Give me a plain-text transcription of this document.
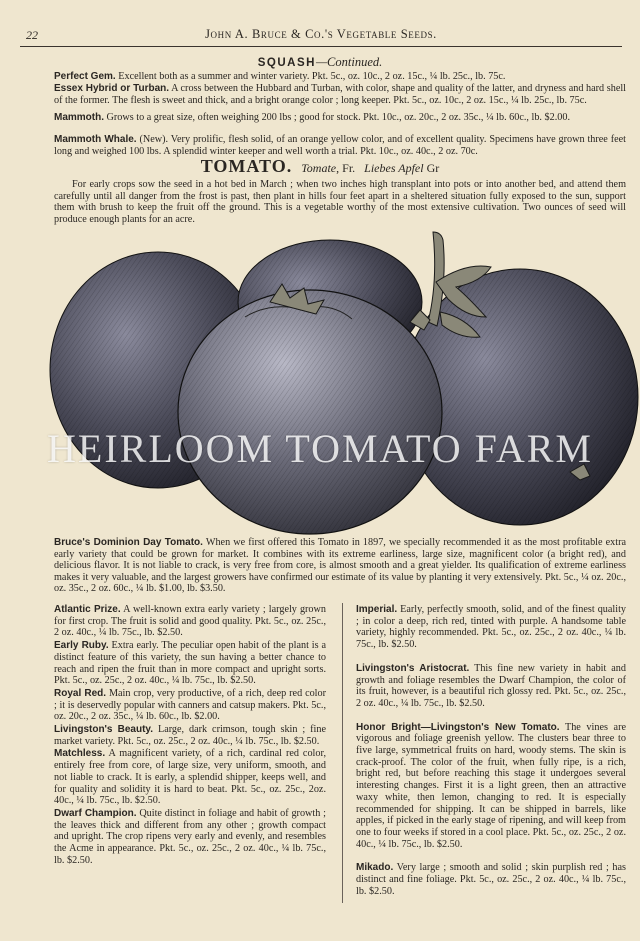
22	John A. Bruce & Co.'s Vegetable Seeds.
SQUASH—Continued.
Perfect Gem. Excellent both as a summer and winter variety. Pkt. 5c., oz. 10c., 2 oz. 15c., ¼ lb. 25c., lb. 75c.
Essex Hybrid or Turban. A cross between the Hubbard and Turban, with color, shape and quality of the latter, and dryness and hard shell of the former. The flesh is sweet and thick, and a bright orange color ; long keeper. Pkt. 5c., oz. 10c., 2 oz. 15c., ¼ lb. 25c., lb. 75c.
Mammoth. Grows to a great size, often weighing 200 lbs ; good for stock. Pkt. 10c., oz. 20c., 2 oz. 35c., ¼ lb. 60c., lb. $2.00.
Mammoth Whale. (New). Very prolific, flesh solid, of an orange yellow color, and of excellent quality. Specimens have grown three feet long and weighed 100 lbs. A splendid winter keeper and well worth a trial. Pkt. 10c., oz. 40c., 2 oz. 70c.
TOMATO. Tomate, Fr. Liebes Apfel Gr
For early crops sow the seed in a hot bed in March ; when two inches high transplant into pots or into another bed, and attend them carefully until all danger from the frost is past, then plant in hills four feet apart in a sheltered situation fully exposed to the sun, support them with brush to keep the fruit off the ground. This is a vegetable worthy of the most extensive cultivation. Two ounces of seed will produce enough plants for an acre.
HEIRLOOM TOMATO FARM
Bruce's Dominion Day Tomato. When we first offered this Tomato in 1897, we specially recommended it as the most profitable extra early variety that could be grown for market. It combines with its extreme earliness, large size, magnificent color (a bright red), and delicious flavor. It is not liable to crack, is very free from core, is almost smooth and a great yielder. Its qualification of extreme earliness makes it very valuable, and the largest growers have confirmed our estimate of its value by planting it very extensively. Pkt. 5c., ¼ oz. 20c., oz. 35c., 2 oz. 60c., ¼ lb. $1.00, lb. $3.50.
Atlantic Prize. A well-known extra early variety ; largely grown for first crop. The fruit is solid and good quality. Pkt. 5c., oz. 25c., 2 oz. 40c., ¼ lb. 75c., lb. $2.50.
Early Ruby. Extra early. The peculiar open habit of the plant is a distinct feature of this variety, the sun having a better chance to reach and ripen the fruit than in more compact and upright sorts. Pkt. 5c., oz. 25c., 2 oz. 40c., ¼ lb. 75c., lb. $2.50.
Royal Red. Main crop, very productive, of a rich, deep red color ; it is deservedly popular with canners and catsup makers. Pkt. 5c., oz. 20c., 2 oz. 35c., ¼ lb. 60c., lb. $2.00.
Livingston's Beauty. Large, dark crimson, tough skin ; fine market variety. Pkt. 5c., oz. 25c., 2 oz. 40c., ¼ lb. 75c., lb. $2.50.
Matchless. A magnificent variety, of a rich, cardinal red color, entirely free from core, of large size, very uniform, smooth, and not liable to crack. It is early, a splendid shipper, keeps well, and for quality and solidity it is hard to beat. Pkt. 5c., oz. 25c., 2oz. 40c., ¼ lb. 75c., lb. $2.50.
Dwarf Champion. Quite distinct in foliage and habit of growth ; the leaves thick and different from any other ; growth compact and upright. The crop ripens very early and evenly, and resembles the Acme in appearance. Pkt. 5c., oz. 25c., 2 oz. 40c., ¼ lb. 75c., lb. $2.50.
Imperial. Early, perfectly smooth, solid, and of the finest quality ; in color a deep, rich red, tinted with purple. A handsome table variety, highly recommended. Pkt. 5c., oz. 25c., 2 oz. 40c., ¼ lb. 75c., lb. $2.50.
Livingston's Aristocrat. This fine new variety in habit and growth and foliage resembles the Dwarf Champion, the color of its fruit, however, is a beautiful rich glossy red. Pkt. 5c., oz. 25c., 2 oz. 40c., ¼ lb. 75c., lb. $2.50.
Honor Bright—Livingston's New Tomato. The vines are vigorous and foliage greenish yellow. The clusters bear three to five large, symmetrical fruits on hard, woody stems. The skin is crack-proof. The color of the fruit, when fully ripe, is a rich, bright red, but before reaching this stage it undergoes several interesting changes. First it is a light green, then an attractive waxy white, then lemon, changing to red. It is especially recommended for shipping. It can be shipped in barrels, like apples, if picked in the early stage of ripening, and will keep from one to four weeks if stored in a cool place. Pkt. 5c., oz. 25c., 2 oz. 40c., ¼ lb. 75c., lb. $2.50.
Mikado. Very large ; smooth and solid ; skin purplish red ; has distinct and fine foliage. Pkt. 5c., oz. 25c., 2 oz. 40c., ¼ lb. 75c., lb. $2.50.
